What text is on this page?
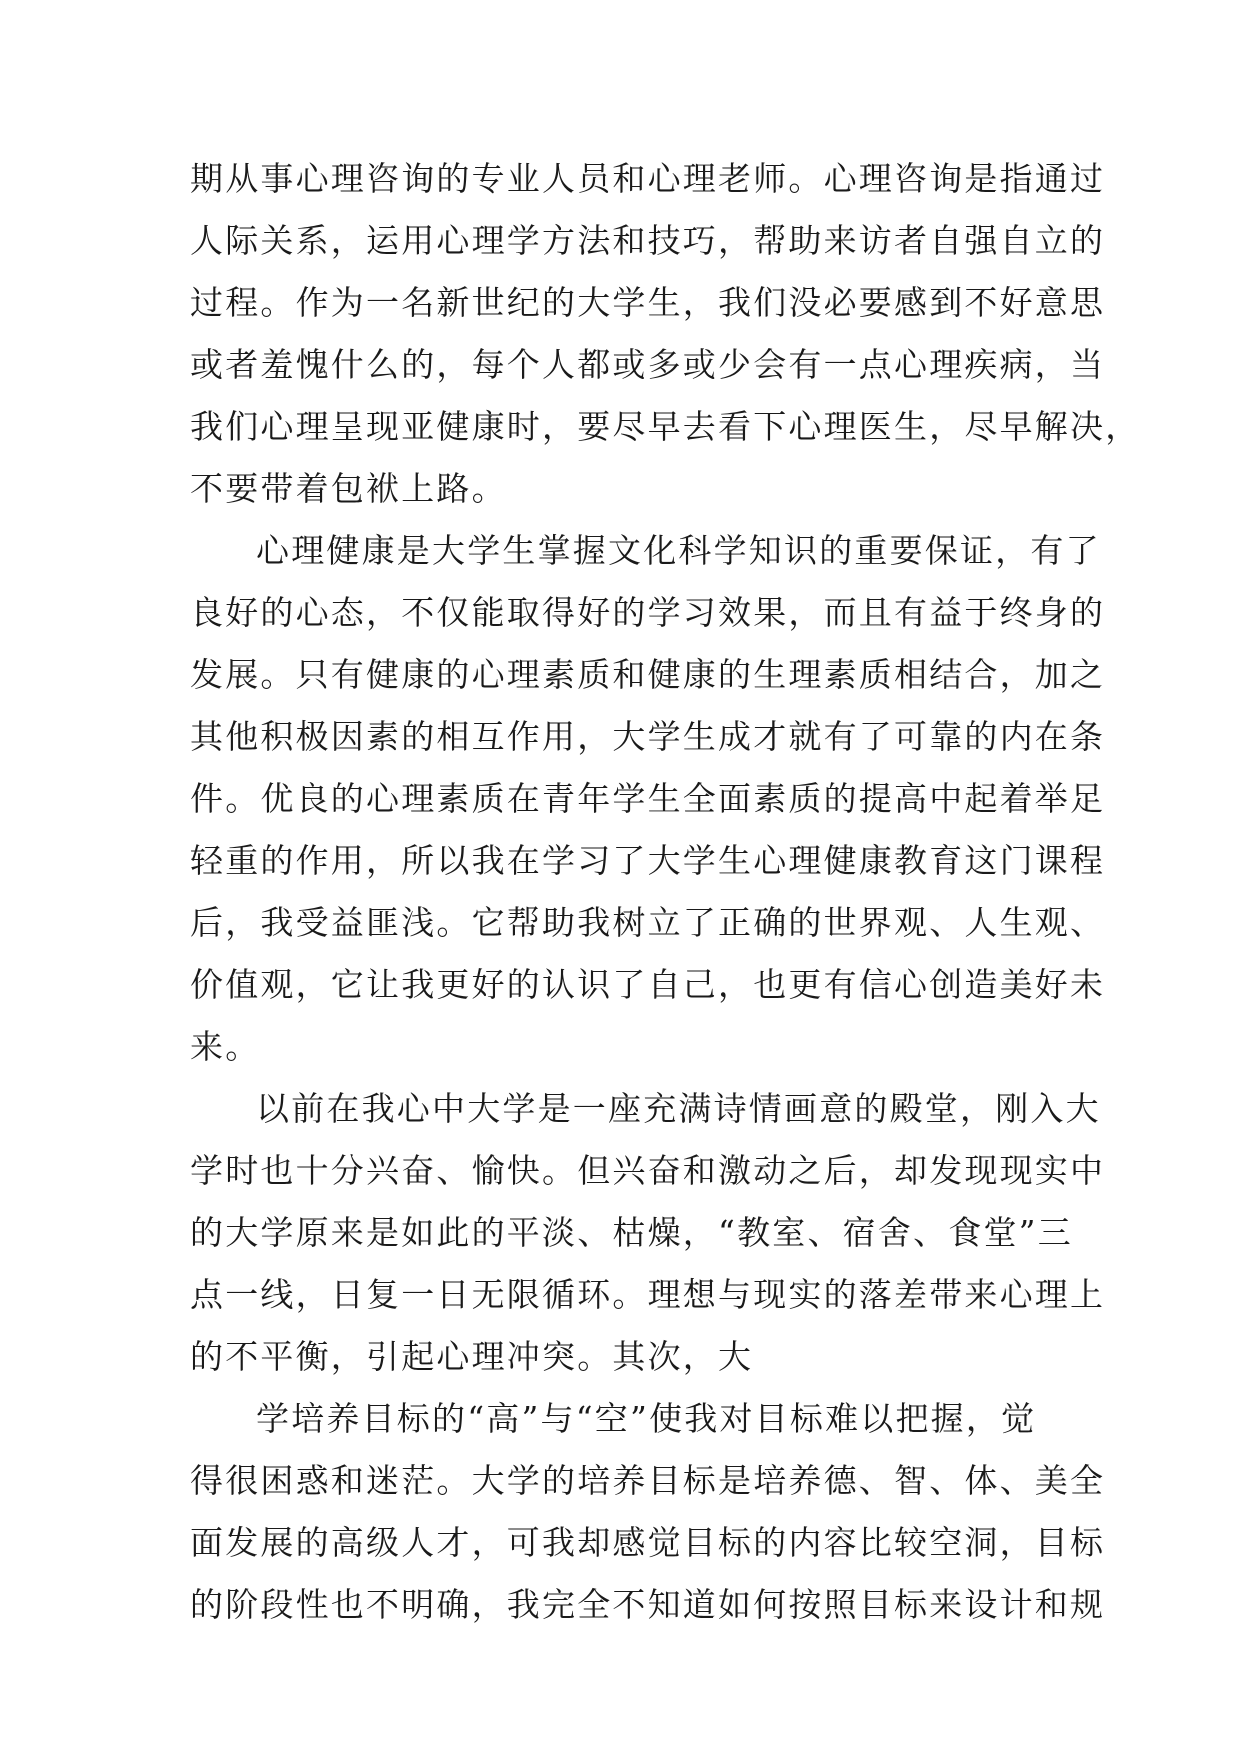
期从事心理咨询的专业人员和心理老师。心理咨询是指通过
人际关系，运用心理学方法和技巧，帮助来访者自强自立的
过程。作为一名新世纪的大学生，我们没必要感到不好意思
或者羞愧什么的，每个人都或多或少会有一点心理疾病，当
我们心理呈现亚健康时，要尽早去看下心理医生，尽早解决，
不要带着包袱上路。
心理健康是大学生掌握文化科学知识的重要保证，有了
良好的心态，不仅能取得好的学习效果，而且有益于终身的
发展。只有健康的心理素质和健康的生理素质相结合，加之
其他积极因素的相互作用，大学生成才就有了可靠的内在条
件。优良的心理素质在青年学生全面素质的提高中起着举足
轻重的作用，所以我在学习了大学生心理健康教育这门课程
后，我受益匪浅。它帮助我树立了正确的世界观、人生观、
价值观，它让我更好的认识了自己，也更有信心创造美好未
来。
以前在我心中大学是一座充满诗情画意的殿堂，刚入大
学时也十分兴奋、愉快。但兴奋和激动之后，却发现现实中
的大学原来是如此的平淡、枯燥，“教室、宿舍、食堂”三
点一线，日复一日无限循环。理想与现实的落差带来心理上
的不平衡，引起心理冲突。其次，大
学培养目标的“高”与“空”使我对目标难以把握，觉
得很困惑和迷茫。大学的培养目标是培养德、智、体、美全
面发展的高级人才，可我却感觉目标的内容比较空洞，目标
的阶段性也不明确，我完全不知道如何按照目标来设计和规
